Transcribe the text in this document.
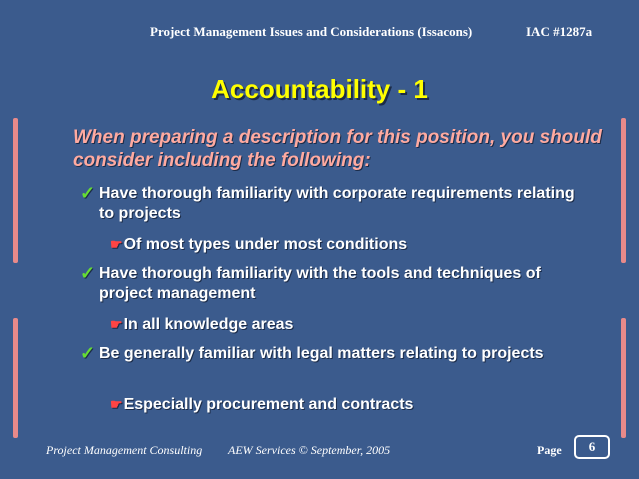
Project Management Issues and Considerations (Issacons)	IAC #1287a
Accountability - 1
When preparing a description for this position, you should consider including the following:
✓ Have thorough familiarity with corporate requirements relating to projects
☛Of most types under most conditions
✓ Have thorough familiarity with the tools and techniques of project management
☛In all knowledge areas
✓ Be generally familiar with legal matters relating to projects
☛Especially procurement and contracts
Project Management Consulting AEW Services © September, 2005	Page 6
